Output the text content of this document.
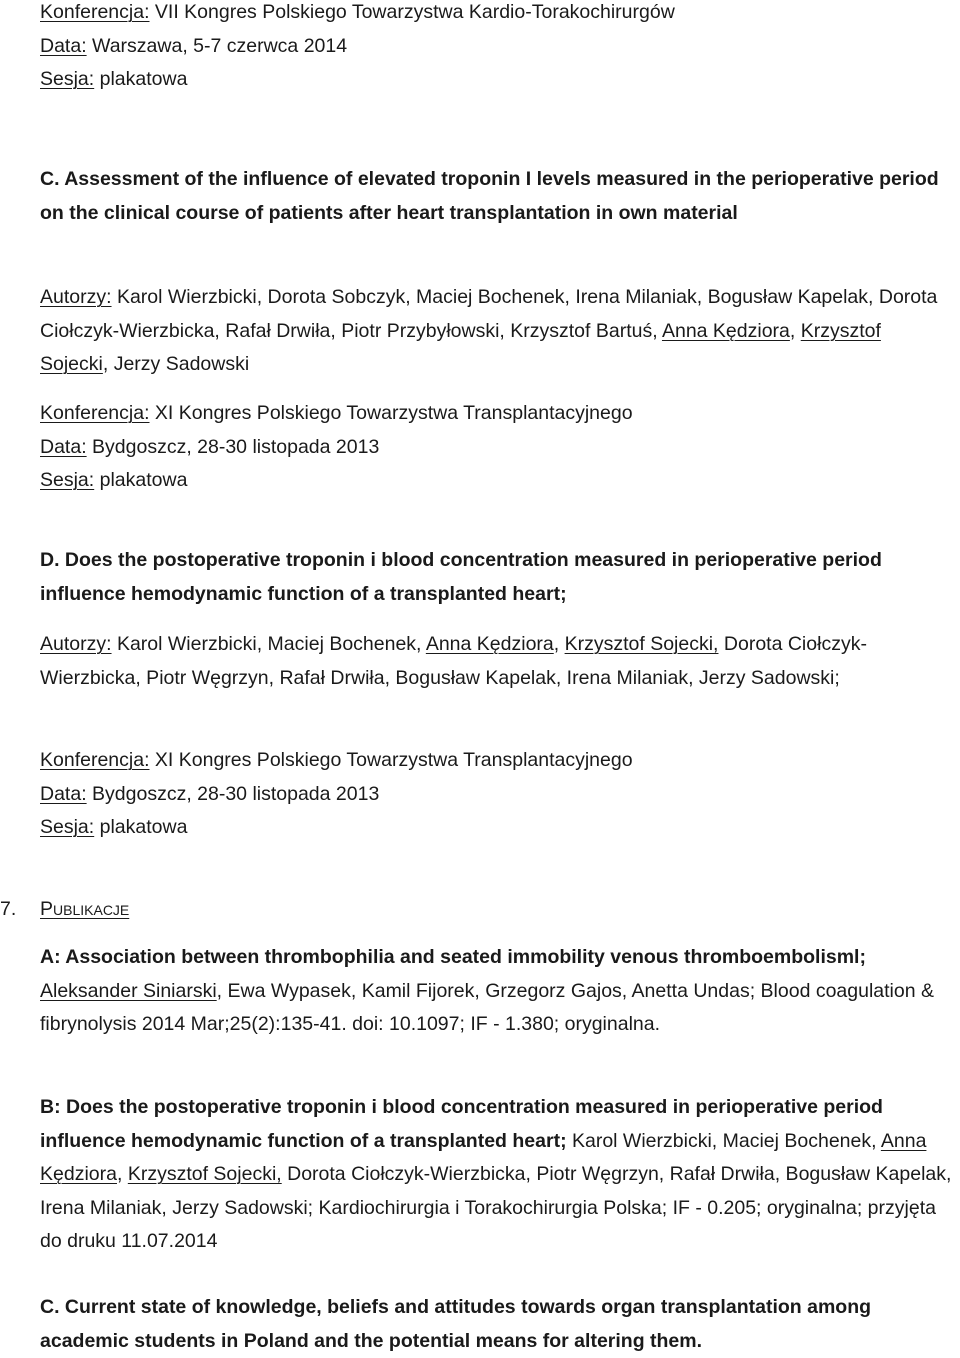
Konferencja: VII Kongres Polskiego Towarzystwa Kardio-Torakochirurgów

Data: Warszawa, 5-7 czerwca 2014

Sesja: plakatowa

C. Assessment of the influence of elevated troponin I levels measured in the perioperative period on the clinical course of patients after heart transplantation in own material

Autorzy: Karol Wierzbicki, Dorota Sobczyk, Maciej Bochenek, Irena Milaniak, Bogusław Kapelak, Dorota Ciołczyk-Wierzbicka, Rafał Drwiła, Piotr Przybyłowski, Krzysztof Bartuś, Anna Kędziora, Krzysztof Sojecki, Jerzy Sadowski

Konferencja: XI Kongres Polskiego Towarzystwa Transplantacyjnego

Data: Bydgoszcz, 28-30 listopada 2013

Sesja: plakatowa

D. Does the postoperative troponin i blood concentration measured in perioperative period influence hemodynamic function of a transplanted heart;

Autorzy: Karol Wierzbicki, Maciej Bochenek, Anna Kędziora, Krzysztof Sojecki, Dorota Ciołczyk-Wierzbicka, Piotr Węgrzyn, Rafał Drwiła, Bogusław Kapelak, Irena Milaniak, Jerzy Sadowski;

Konferencja: XI Kongres Polskiego Towarzystwa Transplantacyjnego

Data: Bydgoszcz, 28-30 listopada 2013

Sesja: plakatowa

7. PUBLIKACJE

A: Association between thrombophilia and seated immobility venous thromboembolisml; Aleksander Siniarski, Ewa Wypasek, Kamil Fijorek, Grzegorz Gajos, Anetta Undas; Blood coagulation & fibrynolysis 2014 Mar;25(2):135-41. doi: 10.1097; IF - 1.380; oryginalna.

B: Does the postoperative troponin i blood concentration measured in perioperative period influence hemodynamic function of a transplanted heart; Karol Wierzbicki, Maciej Bochenek, Anna Kędziora, Krzysztof Sojecki, Dorota Ciołczyk-Wierzbicka, Piotr Węgrzyn, Rafał Drwiła, Bogusław Kapelak, Irena Milaniak, Jerzy Sadowski; Kardiochirurgia i Torakochirurgia Polska; IF - 0.205; oryginalna; przyjęta do druku 11.07.2014

C. Current state of knowledge, beliefs and attitudes towards organ transplantation among academic students in Poland and the potential means for altering them.
